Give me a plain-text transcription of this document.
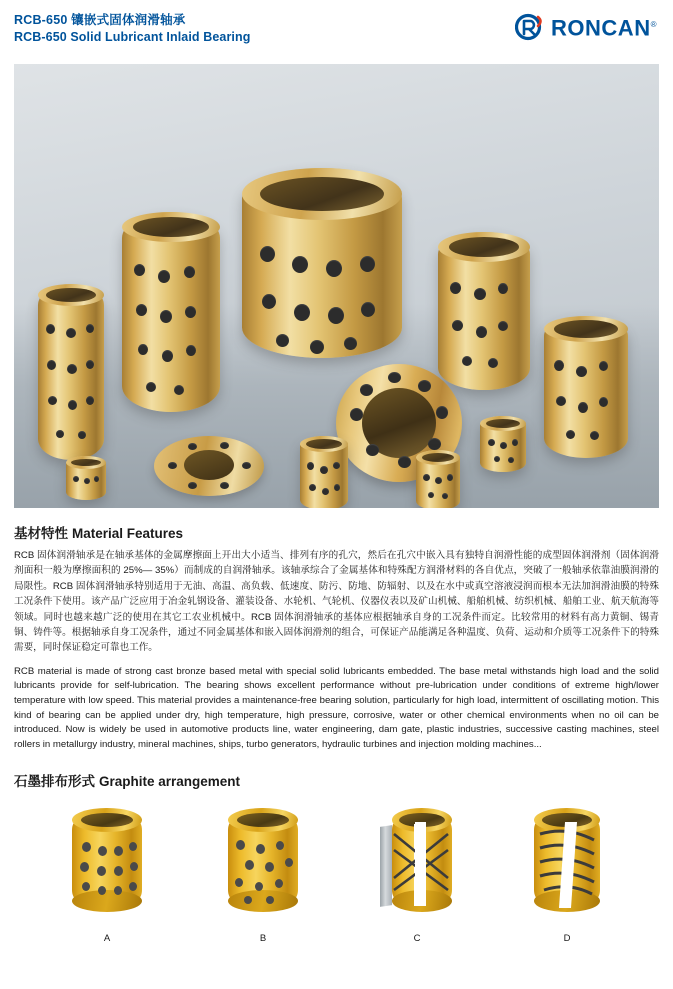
RCB-650 镶嵌式固体润滑轴承
RCB-650 Solid Lubricant Inlaid Bearing	RONCAN®
基材特性 Material Features
RCB 固体润滑轴承是在轴承基体的金属摩擦面上开出大小适当、排列有序的孔穴，然后在孔穴中嵌入具有独特自润滑性能的成型固体润滑剂（固体润滑剂面积一般为摩擦面积的 25%— 35%）而制成的自润滑轴承。该轴承综合了金属基体和特殊配方润滑材料的各自优点，突破了一般轴承依靠油膜润滑的局限性。RCB 固体润滑轴承特别适用于无油、高温、高负载、低速度、防污、防地、防辐射、以及在水中或真空溶液浸润而根本无法加润滑油膜的特殊工况条件下使用。该产品广泛应用于冶金轧钢设备、灌装设备、水轮机、气轮机、仪器仪表以及矿山机械、船舶机械、纺织机械、船舶工业、航天航海等领域。同时也越来越广泛的使用在其它工农业机械中。RCB 固体润滑轴承的基体应根据轴承自身的工况条件而定。比较常用的材料有高力黄铜、锡青铜、铸件等。根据轴承自身工况条件，通过不同金属基体和嵌入固体润滑剂的组合，可保证产品能满足各种温度、负荷、运动和介质等工况条件下的特殊需要，同时保证稳定可靠也工作。
RCB material is made of strong cast bronze based metal with special solid lubricants embedded. The base metal withstands high load and the solid lubricants provide for self-lubrication. The bearing shows excellent performance without pre-lubrication under conditions of extreme high/lower temperature with low speed. This material provides a maintenance-free bearing solution, particularly for high load, intermittent of oscillating motion. This kind of bearing can be applied under dry, high temperature, high pressure, corrosive, water or other chemical environments when no oil can be introduced. Now is widely be used in automotive products line, water engineering, dam gate, plastic industries, successive casting machines, steel rollers in metallurgy industry, mineral machines, ships, turbo generators, hydraulic turbines and injection molding machines...
石墨排布形式 Graphite arrangement
A	B	C	D
